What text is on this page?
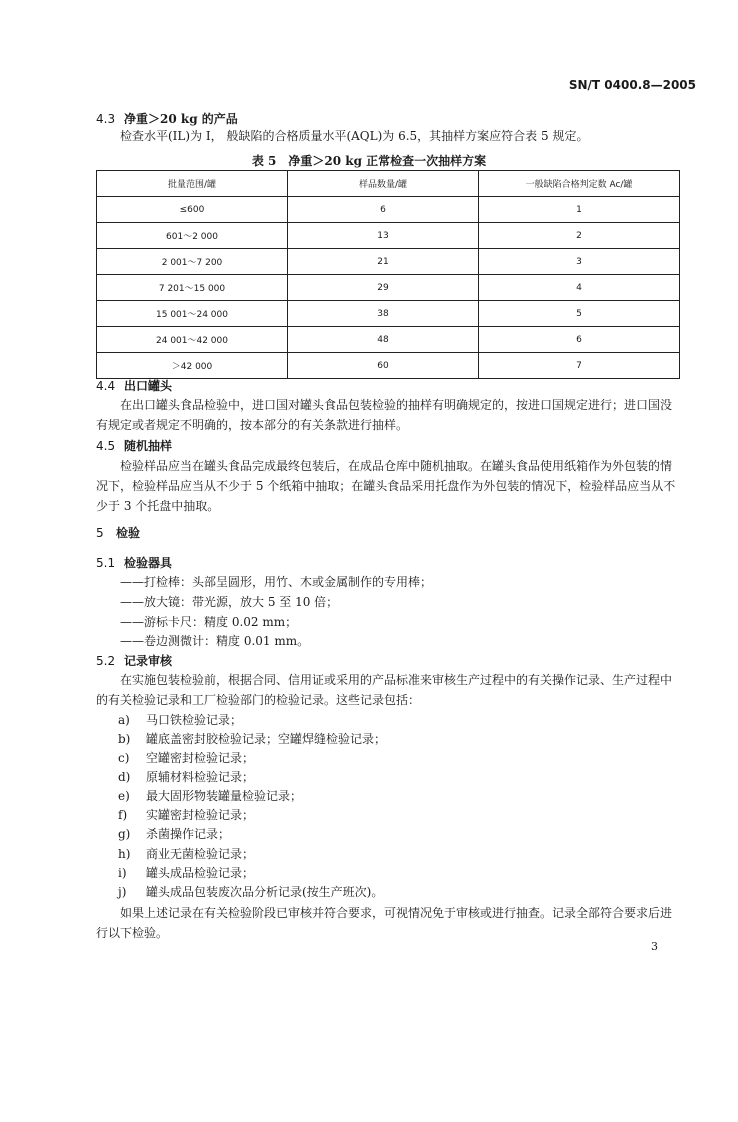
SN/T 0400.8—2005
4.3 净重＞20 kg 的产品
检查水平(IL)为 I， 般缺陷的合格质量水平(AQL)为 6.5，其抽样方案应符合表 5 规定。
表 5　净重＞20 kg 正常检查一次抽样方案
批量范围/罐	样品数量/罐	一般缺陷合格判定数 Ac/罐
≤600	6	1
601～2 000	13	2
2 001～7 200	21	3
7 201～15 000	29	4
15 001～24 000	38	5
24 001～42 000	48	6
＞42 000	60	7
4.4 出口罐头
在出口罐头食品检验中，进口国对罐头食品包装检验的抽样有明确规定的，按进口国规定进行；进口国没有规定或者规定不明确的，按本部分的有关条款进行抽样。
4.5 随机抽样
检验样品应当在罐头食品完成最终包装后，在成品仓库中随机抽取。在罐头食品使用纸箱作为外包装的情况下，检验样品应当从不少于 5 个纸箱中抽取；在罐头食品采用托盘作为外包装的情况下，检验样品应当从不少于 3 个托盘中抽取。
5 检验
5.1 检验器具
——打检棒：头部呈圆形，用竹、木或金属制作的专用棒；
——放大镜：带光源，放大 5 至 10 倍；
——游标卡尺：精度 0.02 mm；
——卷边测微计：精度 0.01 mm。
5.2 记录审核
在实施包装检验前，根据合同、信用证或采用的产品标准来审核生产过程中的有关操作记录、生产过程中的有关检验记录和工厂检验部门的检验记录。这些记录包括：
a) 马口铁检验记录；
b) 罐底盖密封胶检验记录；空罐焊缝检验记录；
c) 空罐密封检验记录；
d) 原辅材料检验记录；
e) 最大固形物装罐量检验记录；
f) 实罐密封检验记录；
g) 杀菌操作记录；
h) 商业无菌检验记录；
i) 罐头成品检验记录；
j) 罐头成品包装废次品分析记录(按生产班次)。
如果上述记录在有关检验阶段已审核并符合要求，可视情况免于审核或进行抽查。记录全部符合要求后进行以下检验。
3
